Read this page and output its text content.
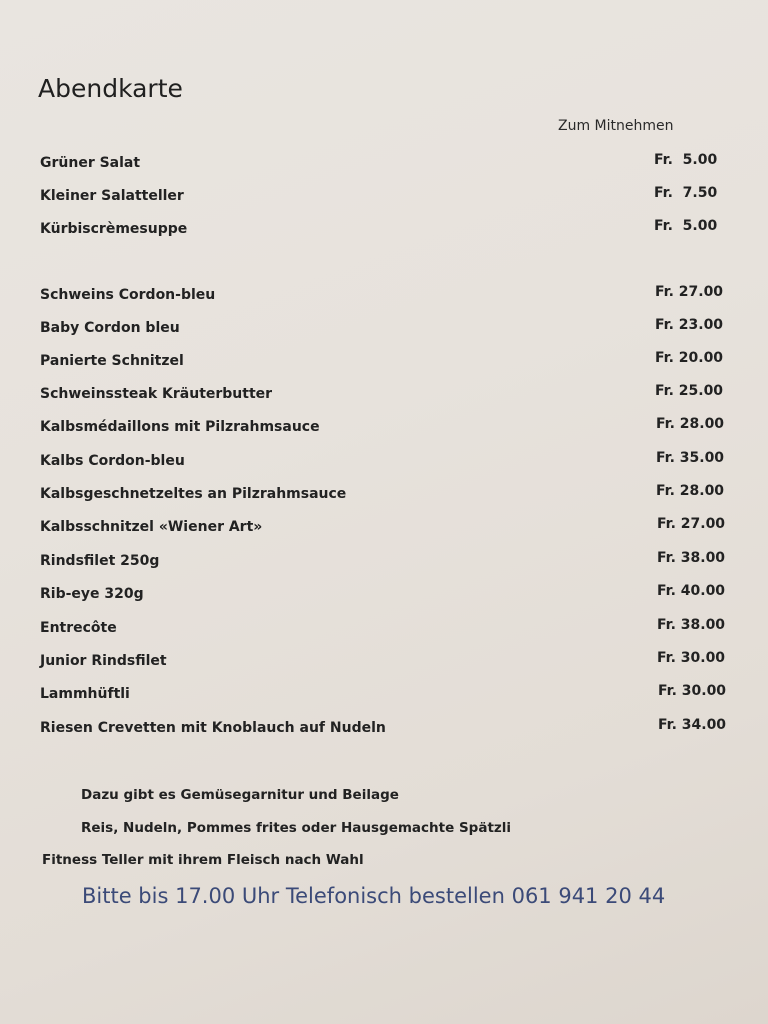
Abendkarte
Zum Mitnehmen
Grüner Salat	Fr.  5.00
Kleiner Salatteller	Fr.  7.50
Kürbiscrèmesuppe	Fr.  5.00
Schweins Cordon-bleu	Fr. 27.00
Baby Cordon bleu	Fr. 23.00
Panierte Schnitzel	Fr. 20.00
Schweinssteak Kräuterbutter	Fr. 25.00
Kalbsmédaillons mit Pilzrahmsauce	Fr. 28.00
Kalbs Cordon-bleu	Fr. 35.00
Kalbsgeschnetzeltes an Pilzrahmsauce	Fr. 28.00
Kalbsschnitzel «Wiener Art»	Fr. 27.00
Rindsfilet 250g	Fr. 38.00
Rib-eye 320g	Fr. 40.00
Entrecôte	Fr. 38.00
Junior Rindsfilet	Fr. 30.00
Lammhüftli	Fr. 30.00
Riesen Crevetten mit Knoblauch auf Nudeln	Fr. 34.00
Dazu gibt es Gemüsegarnitur und Beilage
Reis, Nudeln, Pommes frites oder Hausgemachte Spätzli
Fitness Teller mit ihrem Fleisch nach Wahl
Bitte bis 17.00 Uhr Telefonisch bestellen 061 941 20 44
